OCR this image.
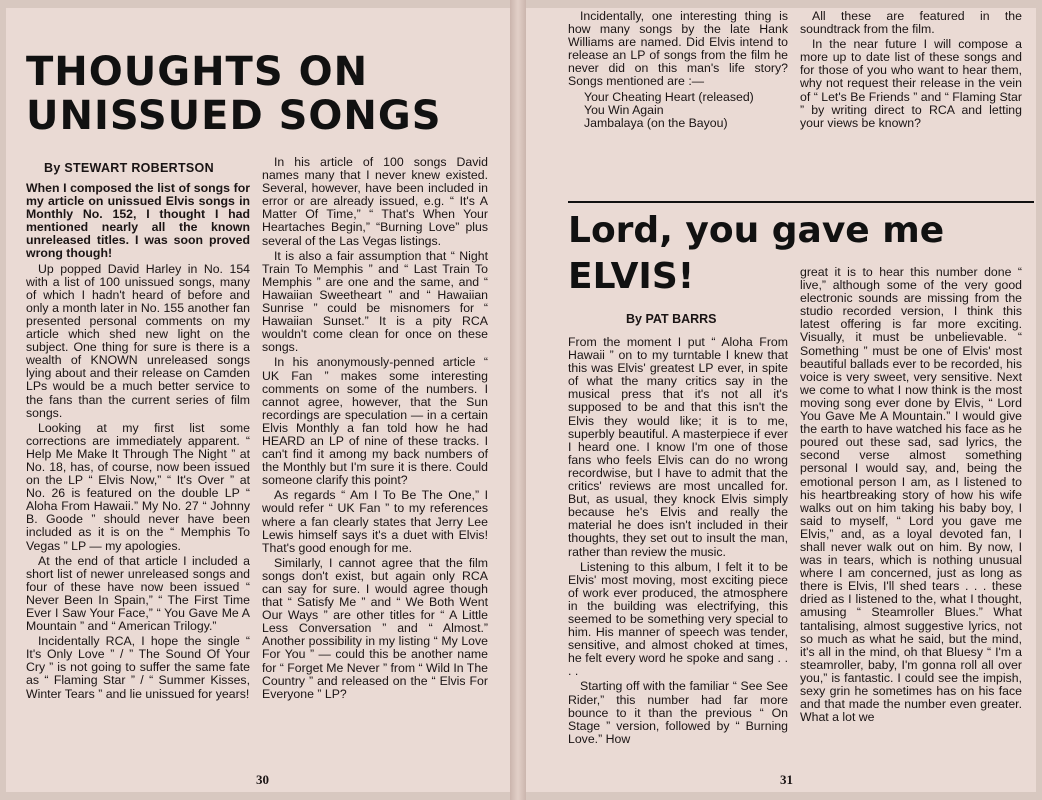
THOUGHTS ON
UNISSUED SONGS
By STEWART ROBERTSON

When I composed the list of songs for my article on unissued Elvis songs in Monthly No. 152, I thought I had mentioned nearly all the known unreleased titles. I was soon proved wrong though!

Up popped David Harley in No. 154 with a list of 100 unissued songs, many of which I hadn't heard of before and only a month later in No. 155 another fan presented personal comments on my article which shed new light on the subject. One thing for sure is there is a wealth of KNOWN unreleased songs lying about and their release on Camden LPs would be a much better service to the fans than the current series of film songs.

Looking at my first list some corrections are immediately apparent. “ Help Me Make It Through The Night ” at No. 18, has, of course, now been issued on the LP “ Elvis Now,” “ It's Over ” at No. 26 is featured on the double LP “ Aloha From Hawaii.” My No. 27 “ Johnny B. Goode ” should never have been included as it is on the “ Memphis To Vegas ” LP — my apologies.

At the end of that article I included a short list of newer unreleased songs and four of these have now been issued “ Never Been In Spain,” “ The First Time Ever I Saw Your Face,” “ You Gave Me A Mountain ” and “ American Trilogy.”

Incidentally RCA, I hope the single “ It's Only Love ” / ” The Sound Of Your Cry ” is not going to suffer the same fate as “ Flaming Star ” / “ Summer Kisses, Winter Tears ” and lie unissued for years!

In his article of 100 songs David names many that I never knew existed. Several, however, have been included in error or are already issued, e.g. “ It's A Matter Of Time,” “ That's When Your Heartaches Begin,” “Burning Love” plus several of the Las Vegas listings.

It is also a fair assumption that “ Night Train To Memphis ” and “ Last Train To Memphis ” are one and the same, and “ Hawaiian Sweetheart ” and “ Hawaiian Sunrise ” could be misnomers for “ Hawaiian Sunset.” It is a pity RCA wouldn't come clean for once on these songs.

In his anonymously-penned article “ UK Fan ” makes some interesting comments on some of the numbers. I cannot agree, however, that the Sun recordings are speculation — in a certain Elvis Monthly a fan told how he had HEARD an LP of nine of these tracks. I can't find it among my back numbers of the Monthly but I'm sure it is there. Could someone clarify this point?

As regards “ Am I To Be The One,” I would refer “ UK Fan ” to my references where a fan clearly states that Jerry Lee Lewis himself says it's a duet with Elvis! That's good enough for me.

Similarly, I cannot agree that the film songs don't exist, but again only RCA can say for sure. I would agree though that “ Satisfy Me ” and “ We Both Went Our Ways ” are other titles for “ A Little Less Conversation ” and “ Almost.” Another possibility in my listing “ My Love For You ” — could this be another name for “ Forget Me Never ” from “ Wild In The Country ” and released on the “ Elvis For Everyone ” LP?

30

Incidentally, one interesting thing is how many songs by the late Hank Williams are named. Did Elvis intend to release an LP of songs from the film he never did on this man's life story? Songs mentioned are :—

Your Cheating Heart (released)
You Win Again
Jambalaya (on the Bayou)

All these are featured in the soundtrack from the film.

In the near future I will compose a more up to date list of these songs and for those of you who want to hear them, why not request their release in the vein of “ Let's Be Friends ” and “ Flaming Star ” by writing direct to RCA and letting your views be known?

Lord, you gave me
ELVIS!
By PAT BARRS

From the moment I put “ Aloha From Hawaii ” on to my turntable I knew that this was Elvis' greatest LP ever, in spite of what the many critics say in the musical press that it's not all it's supposed to be and that this isn't the Elvis they would like; it is to me, superbly beautiful. A masterpiece if ever I heard one. I know I'm one of those fans who feels Elvis can do no wrong recordwise, but I have to admit that the critics' reviews are most uncalled for. But, as usual, they knock Elvis simply because he's Elvis and really the material he does isn't included in their thoughts, they set out to insult the man, rather than review the music.

Listening to this album, I felt it to be Elvis' most moving, most exciting piece of work ever produced, the atmosphere in the building was electrifying, this seemed to be something very special to him. His manner of speech was tender, sensitive, and almost choked at times, he felt every word he spoke and sang . . . .

Starting off with the familiar “ See See Rider,” this number had far more bounce to it than the previous “ On Stage ” version, followed by “ Burning Love.” How

great it is to hear this number done “ live,” although some of the very good electronic sounds are missing from the studio recorded version, I think this latest offering is far more exciting. Visually, it must be unbelievable. “ Something ” must be one of Elvis' most beautiful ballads ever to be recorded, his voice is very sweet, very sensitive. Next we come to what I now think is the most moving song ever done by Elvis, “ Lord You Gave Me A Mountain.” I would give the earth to have watched his face as he poured out these sad, sad lyrics, the second verse almost something personal I would say, and, being the emotional person I am, as I listened to his heartbreaking story of how his wife walks out on him taking his baby boy, I said to myself, “ Lord you gave me Elvis,” and, as a loyal devoted fan, I shall never walk out on him. By now, I was in tears, which is nothing unusual where I am concerned, just as long as there is Elvis, I'll shed tears . . . these dried as I listened to the, what I thought, amusing “ Steamroller Blues.” What tantalising, almost suggestive lyrics, not so much as what he said, but the mind, it's all in the mind, oh that Bluesy “ I'm a steamroller, baby, I'm gonna roll all over you,” is fantastic. I could see the impish, sexy grin he sometimes has on his face and that made the number even greater. What a lot we

31
